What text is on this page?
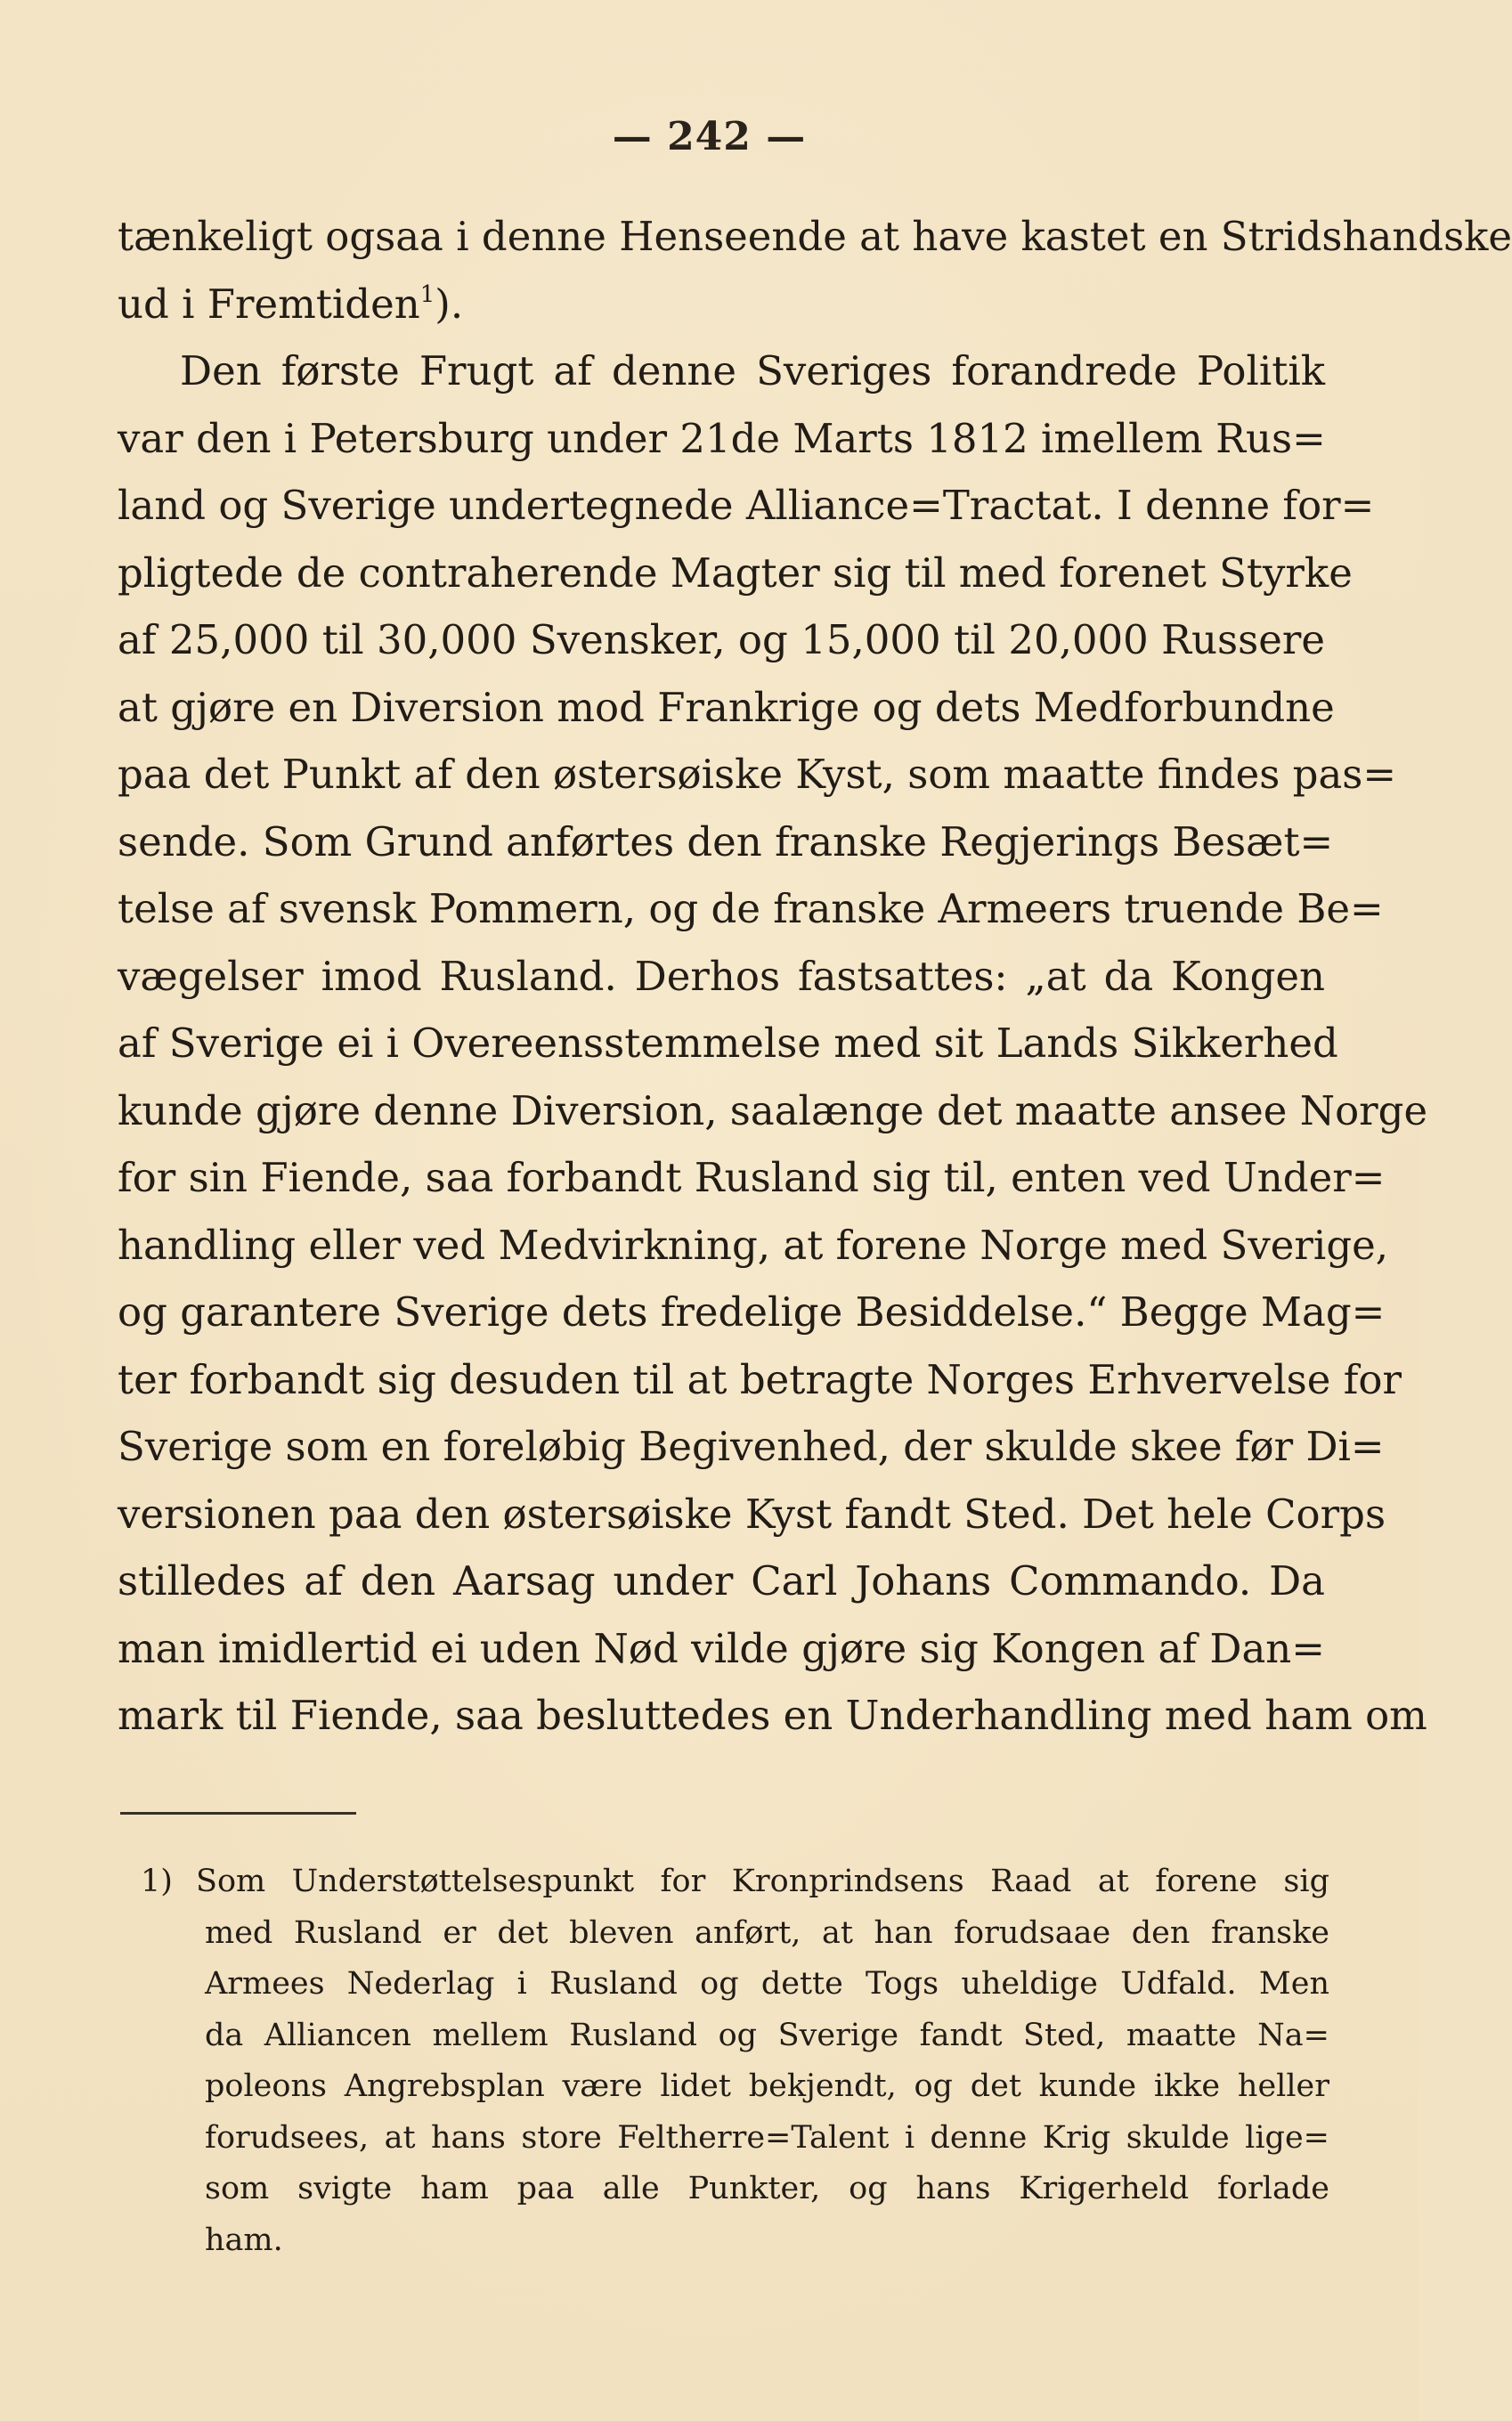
— 242 —
tænkeligt ogsaa i denne Henseende at have kastet en Stridshandske
ud i Fremtiden$^1$).
Den første Frugt af denne Sveriges forandrede Politik
var den i Petersburg under 21de Marts 1812 imellem Rus=
land og Sverige undertegnede Alliance=Tractat. I denne for=
pligtede de contraherende Magter sig til med forenet Styrke
af 25,000 til 30,000 Svensker, og 15,000 til 20,000 Russere
at gjøre en Diversion mod Frankrige og dets Medforbundne
paa det Punkt af den østersøiske Kyst, som maatte findes pas=
sende. Som Grund anførtes den franske Regjerings Besæt=
telse af svensk Pommern, og de franske Armeers truende Be=
vægelser imod Rusland. Derhos fastsattes: „at da Kongen
af Sverige ei i Overeensstemmelse med sit Lands Sikkerhed
kunde gjøre denne Diversion, saalænge det maatte ansee Norge
for sin Fiende, saa forbandt Rusland sig til, enten ved Under=
handling eller ved Medvirkning, at forene Norge med Sverige,
og garantere Sverige dets fredelige Besiddelse.“ Begge Mag=
ter forbandt sig desuden til at betragte Norges Erhvervelse for
Sverige som en foreløbig Begivenhed, der skulde skee før Di=
versionen paa den østersøiske Kyst fandt Sted. Det hele Corps
stilledes af den Aarsag under Carl Johans Commando. Da
man imidlertid ei uden Nød vilde gjøre sig Kongen af Dan=
mark til Fiende, saa besluttedes en Underhandling med ham om
1) Som Understøttelsespunkt for Kronprindsens Raad at forene sig
med Rusland er det bleven anført, at han forudsaae den franske
Armees Nederlag i Rusland og dette Togs uheldige Udfald. Men
da Alliancen mellem Rusland og Sverige fandt Sted, maatte Na=
poleons Angrebsplan være lidet bekjendt, og det kunde ikke heller
forudsees, at hans store Feltherre=Talent i denne Krig skulde lige=
som svigte ham paa alle Punkter, og hans Krigerheld forlade
ham.
